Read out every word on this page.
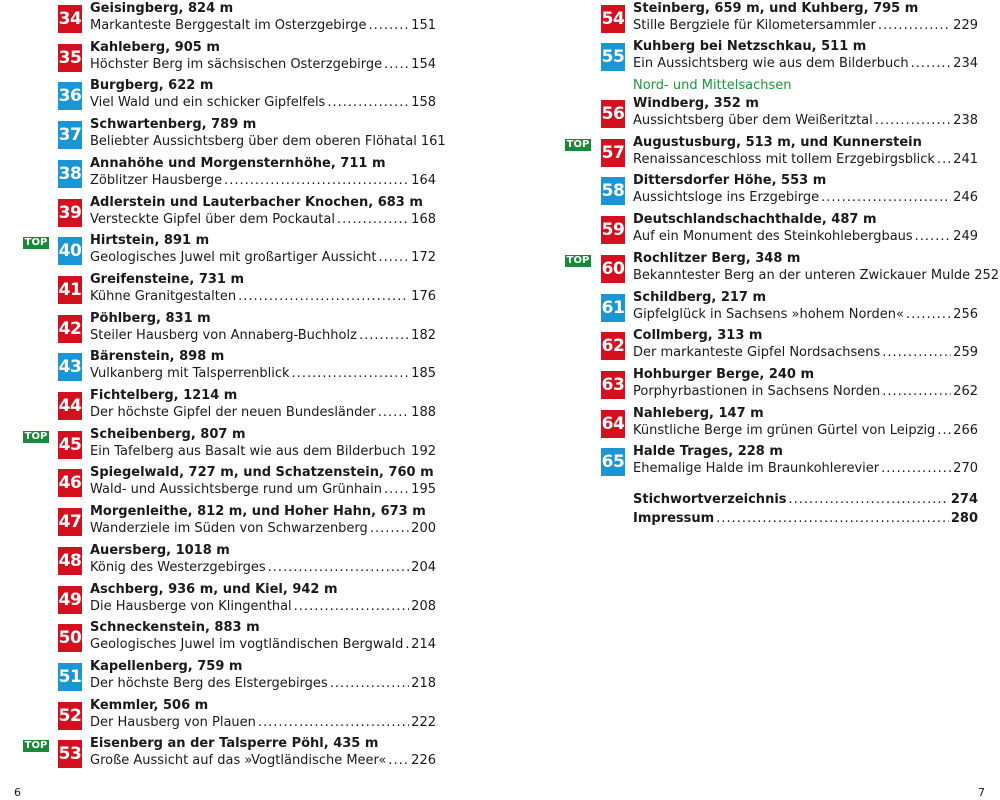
34
Geisingberg, 824 m
Markanteste Berggestalt im Osterzgebirge .....	151
35
Kahleberg, 905 m
Höchster Berg im sächsischen Osterzgebirge ..... 154
36
Burgberg, 622 m
Viel Wald und ein schicker Gipfelfels .....	158
37
Schwartenberg, 789 m
Beliebter Aussichtsberg über dem oberen Flöhatal 161
38
Annahöhe und Morgensternhöhe, 711 m
Zöblitzer Hausberge .....	164
39
Adlerstein und Lauterbacher Knochen, 683 m
Versteckte Gipfel über dem Pockautal .....	168
40
Hirtstein, 891 m
Geologisches Juwel mit großartiger Aussicht .....	172
TOP
41
Greifensteine, 731 m
Kühne Granitgestalten .....	176
42
Pöhlberg, 831 m
Steiler Hausberg von Annaberg-Buchholz .....	182
43
Bärenstein, 898 m
Vulkanberg mit Talsperrenblick .....	185
44
Fichtelberg, 1214 m
Der höchste Gipfel der neuen Bundesländer .....	188
45
Scheibenberg, 807 m
Ein Tafelberg aus Basalt wie aus dem Bilderbuch ..... 192
TOP
46
Spiegelwald, 727 m, und Schatzenstein, 760 m
Wald- und Aussichtsberge rund um Grünhain ..... 195
47
Morgenleithe, 812 m, und Hoher Hahn, 673 m
Wanderziele im Süden von Schwarzenberg .....	200
48
Auersberg, 1018 m
König des Westerzgebirges .....	204
49
Aschberg, 936 m, und Kiel, 942 m
Die Hausberge von Klingenthal .....	208
50
Schneckenstein, 883 m
Geologisches Juwel im vogtländischen Bergwald ..... 214
51
Kapellenberg, 759 m
Der höchste Berg des Elstergebirges .....	218
52
Kemmler, 506 m
Der Hausberg von Plauen .....	222
53
Eisenberg an der Talsperre Pöhl, 435 m
Große Aussicht auf das »Vogtländische Meer« ..... 226
TOP
6
54
Steinberg, 659 m, und Kuhberg, 795 m
Stille Bergziele für Kilometersammler .....	229
55
Kuhberg bei Netzschkau, 511 m
Ein Aussichtsberg wie aus dem Bilderbuch .....	234
56
Windberg, 352 m
Aussichtsberg über dem Weißeritztal .....	238
57
Augustusburg, 513 m, und Kunnerstein
Renaissanceschloss mit tollem Erzgebirgsblick ..... 241
TOP
58
Dittersdorfer Höhe, 553 m
Aussichtsloge ins Erzgebirge .....	246
59
Deutschlandschachthalde, 487 m
Auf ein Monument des Steinkohlebergbaus .....	249
60
Rochlitzer Berg, 348 m
Bekanntester Berg an der unteren Zwickauer Mulde 252
TOP
61
Schildberg, 217 m
Gipfelglück in Sachsens »hohem Norden« .....	256
62
Collmberg, 313 m
Der markanteste Gipfel Nordsachsens .....	259
63
Hohburger Berge, 240 m
Porphyrbastionen in Sachsens Norden .....	262
64
Nahleberg, 147 m
Künstliche Berge im grünen Gürtel von Leipzig ..... 266
65
Halde Trages, 228 m
Ehemalige Halde im Braunkohlerevier .....	270
Nord- und Mittelsachsen
Stichwortverzeichnis .....	274
Impressum .....	280
7
